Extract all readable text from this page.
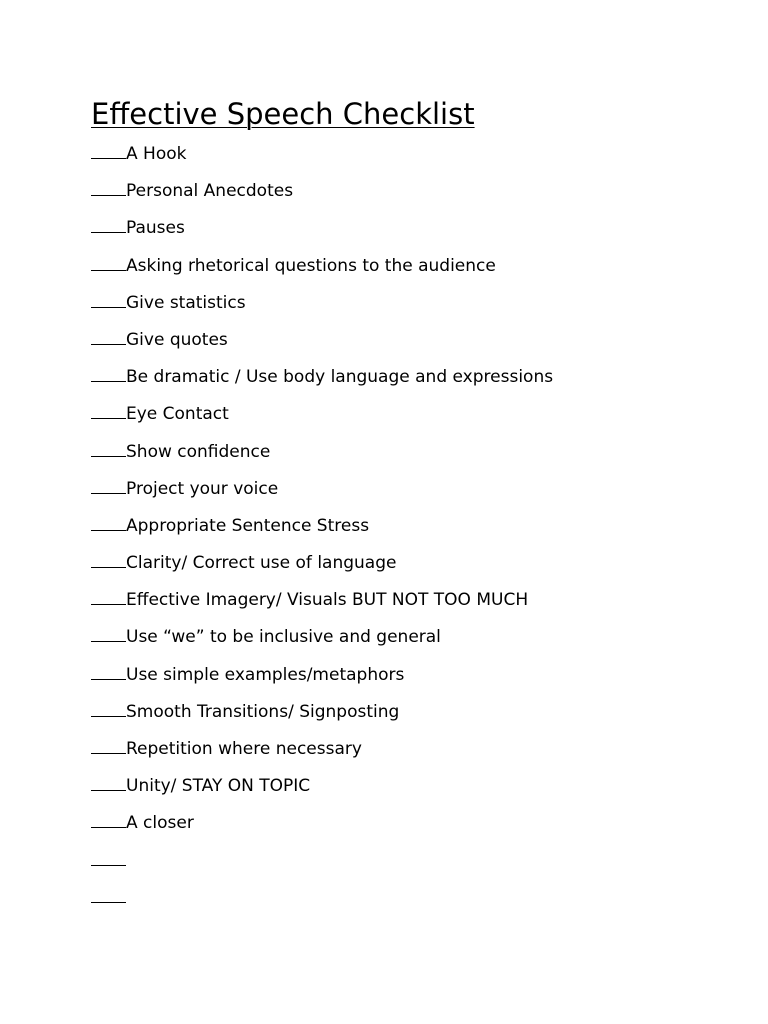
Effective Speech Checklist
A Hook
Personal Anecdotes
Pauses
Asking rhetorical questions to the audience
Give statistics
Give quotes
Be dramatic / Use body language and expressions
Eye Contact
Show confidence
Project your voice
Appropriate Sentence Stress
Clarity/ Correct use of language
Effective Imagery/ Visuals BUT NOT TOO MUCH
Use “we” to be inclusive and general
Use simple examples/metaphors
Smooth Transitions/ Signposting
Repetition where necessary
Unity/ STAY ON TOPIC
A closer
